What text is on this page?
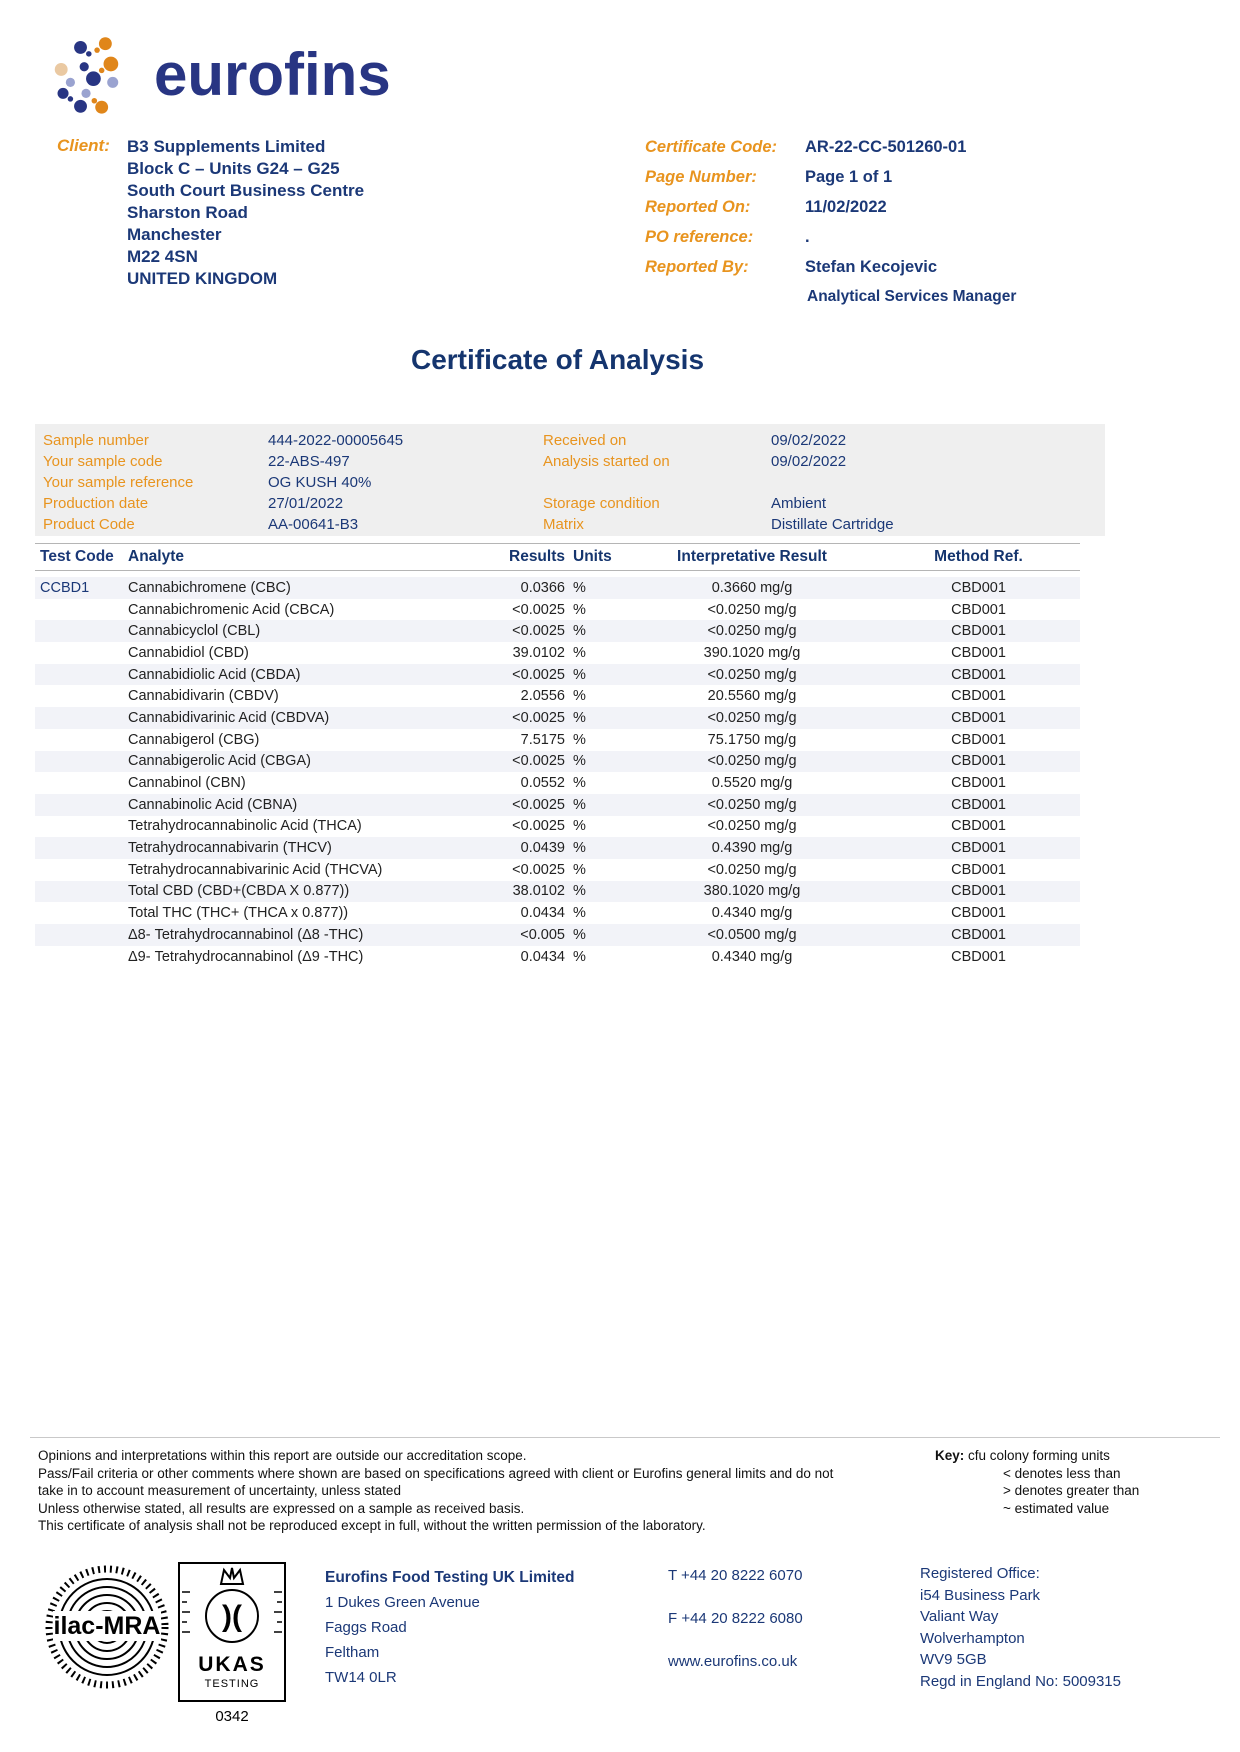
eurofins
Client:	B3 Supplements Limited
Block C – Units G24 – G25
South Court Business Centre
Sharston Road
Manchester
M22 4SN
UNITED KINGDOM
Certificate Code:	AR-22-CC-501260-01
Page Number:	Page 1 of 1
Reported On:	11/02/2022
PO reference:	.
Reported By:	Stefan Kecojevic
Analytical Services Manager
Certificate of Analysis
Sample number	444-2022-00005645	Received on	09/02/2022
Your sample code	22-ABS-497	Analysis started on	09/02/2022
Your sample reference	OG KUSH 40%
Production date	27/01/2022	Storage condition	Ambient
Product Code	AA-00641-B3	Matrix	Distillate Cartridge
Test Code Analyte	Results Units	Interpretative Result	Method Ref.
CCBD1	Cannabichromene (CBC)	0.0366 %	0.3660 mg/g	CBD001
Cannabichromenic Acid (CBCA)	<0.0025 %	<0.0250 mg/g	CBD001
Cannabicyclol (CBL)	<0.0025 %	<0.0250 mg/g	CBD001
Cannabidiol (CBD)	39.0102 %	390.1020 mg/g	CBD001
Cannabidiolic Acid (CBDA)	<0.0025 %	<0.0250 mg/g	CBD001
Cannabidivarin (CBDV)	2.0556 %	20.5560 mg/g	CBD001
Cannabidivarinic Acid (CBDVA)	<0.0025 %	<0.0250 mg/g	CBD001
Cannabigerol (CBG)	7.5175 %	75.1750 mg/g	CBD001
Cannabigerolic Acid (CBGA)	<0.0025 %	<0.0250 mg/g	CBD001
Cannabinol (CBN)	0.0552 %	0.5520 mg/g	CBD001
Cannabinolic Acid (CBNA)	<0.0025 %	<0.0250 mg/g	CBD001
Tetrahydrocannabinolic Acid (THCA)	<0.0025 %	<0.0250 mg/g	CBD001
Tetrahydrocannabivarin (THCV)	0.0439 %	0.4390 mg/g	CBD001
Tetrahydrocannabivarinic Acid (THCVA)	<0.0025 %	<0.0250 mg/g	CBD001
Total CBD (CBD+(CBDA X 0.877))	38.0102 %	380.1020 mg/g	CBD001
Total THC (THC+ (THCA x 0.877))	0.0434 %	0.4340 mg/g	CBD001
Δ8- Tetrahydrocannabinol (Δ8 -THC)	<0.005 %	<0.0500 mg/g	CBD001
Δ9- Tetrahydrocannabinol (Δ9 -THC)	0.0434 %	0.4340 mg/g	CBD001
Opinions and interpretations within this report are outside our accreditation scope.
Pass/Fail criteria or other comments where shown are based on specifications agreed with client or Eurofins general limits and do not
take in to account measurement of uncertainty, unless stated
Unless otherwise stated, all results are expressed on a sample as received basis.
This certificate of analysis shall not be reproduced except in full, without the written permission of the laboratory.
Key: cfu colony forming units
< denotes less than
> denotes greater than
~ estimated value
ilac-MRA )(
UKAS
TESTING
0342
Eurofins Food Testing UK Limited
1 Dukes Green Avenue
Faggs Road
Feltham
TW14 0LR
T +44 20 8222 6070
F +44 20 8222 6080
www.eurofins.co.uk
Registered Office:
i54 Business Park
Valiant Way
Wolverhampton
WV9 5GB
Regd in England No: 5009315
